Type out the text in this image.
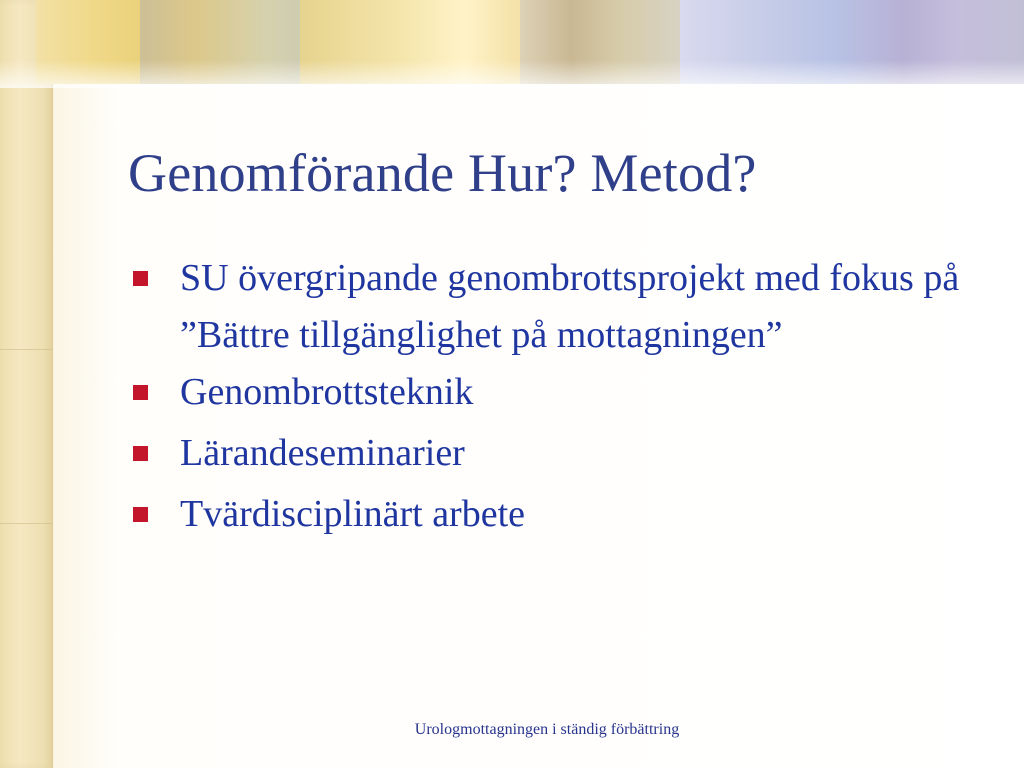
Genomförande Hur? Metod?
SU övergripande genombrottsprojekt med fokus på ”Bättre tillgänglighet på mottagningen”
Genombrottsteknik
Lärandeseminarier
Tvärdisciplinärt arbete
Urologmottagningen i ständig förbättring
